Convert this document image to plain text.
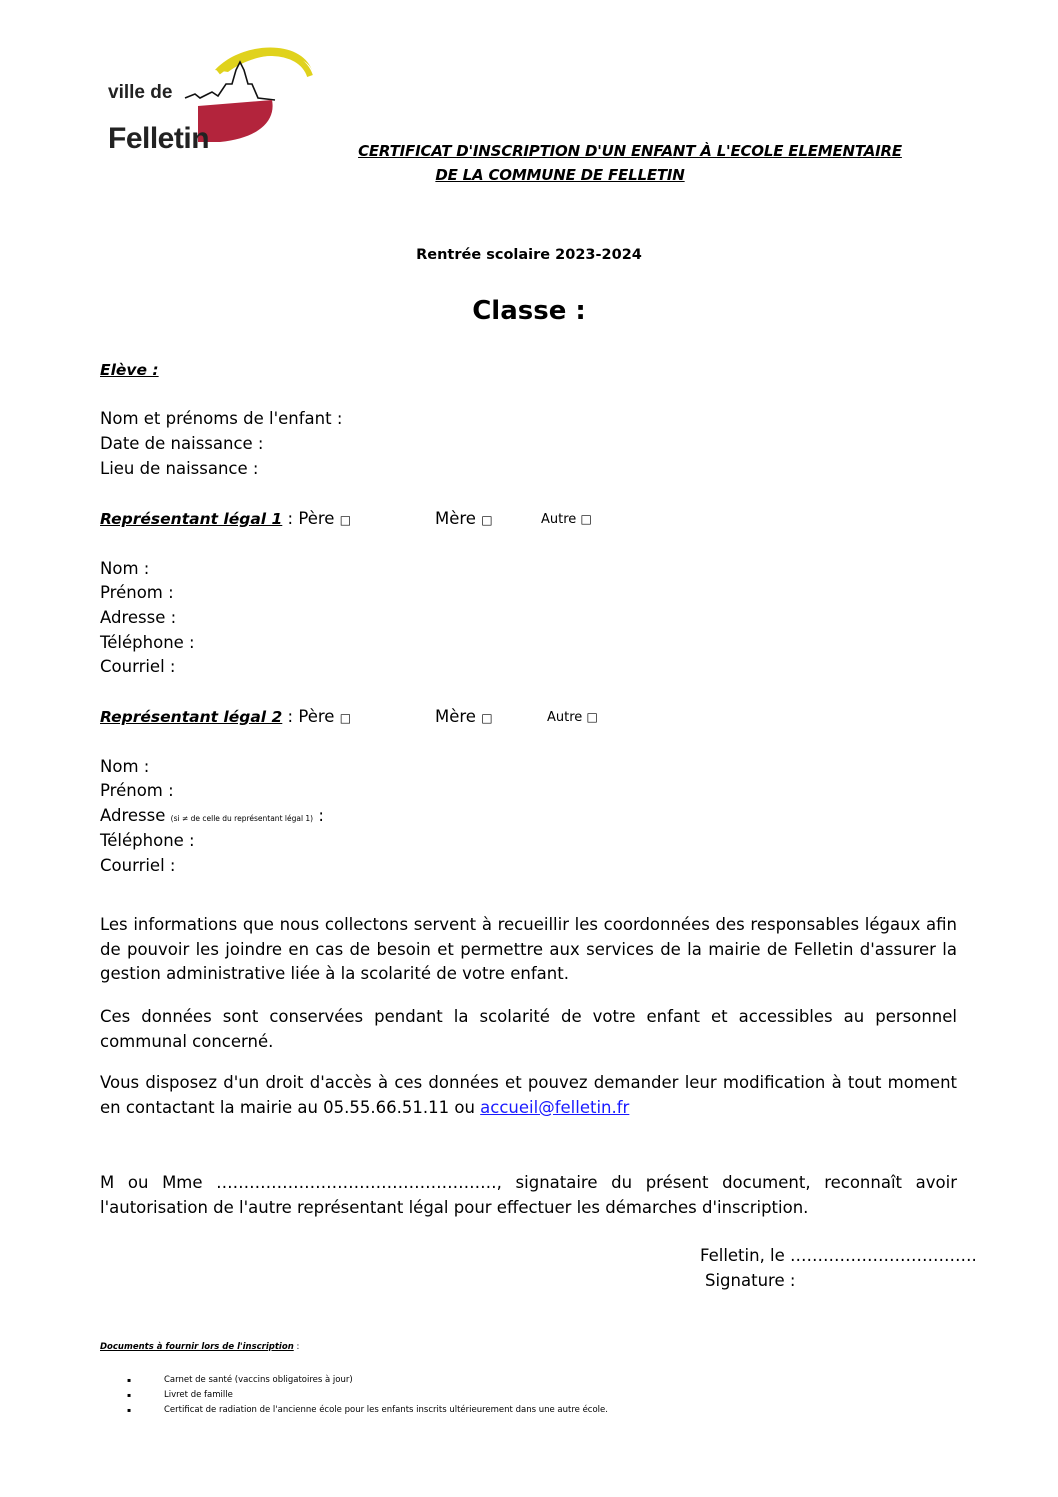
ville de
Felletin	CERTIFICAT D'INSCRIPTION D'UN ENFANT À L'ECOLE ELEMENTAIRE
DE LA COMMUNE DE FELLETIN
Rentrée scolaire 2023-2024
Classe :
Elève :
Nom et prénoms de l'enfant :
Date de naissance :
Lieu de naissance :
Représentant légal 1 : Père □	Mère □	Autre □
Nom :
Prénom :
Adresse :
Téléphone :
Courriel :
Représentant légal 2 : Père □	Mère □	Autre □
Nom :
Prénom :
Adresse (si ≠ de celle du représentant légal 1) :
Téléphone :
Courriel :
Les informations que nous collectons servent à recueillir les coordonnées des responsables légaux afin de pouvoir les joindre en cas de besoin et permettre aux services de la mairie de Felletin d'assurer la gestion administrative liée à la scolarité de votre enfant.
Ces données sont conservées pendant la scolarité de votre enfant et accessibles au personnel communal concerné.
Vous disposez d'un droit d'accès à ces données et pouvez demander leur modification à tout moment en contactant la mairie au 05.55.66.51.11 ou accueil@felletin.fr
M ou Mme ……………………………………………, signataire du présent document, reconnaît avoir l'autorisation de l'autre représentant légal pour effectuer les démarches d'inscription.
Felletin, le …………………………….
Signature :
Documents à fournir lors de l'inscription :
▪ Carnet de santé (vaccins obligatoires à jour)
▪ Livret de famille
▪ Certificat de radiation de l'ancienne école pour les enfants inscrits ultérieurement dans une autre école.
